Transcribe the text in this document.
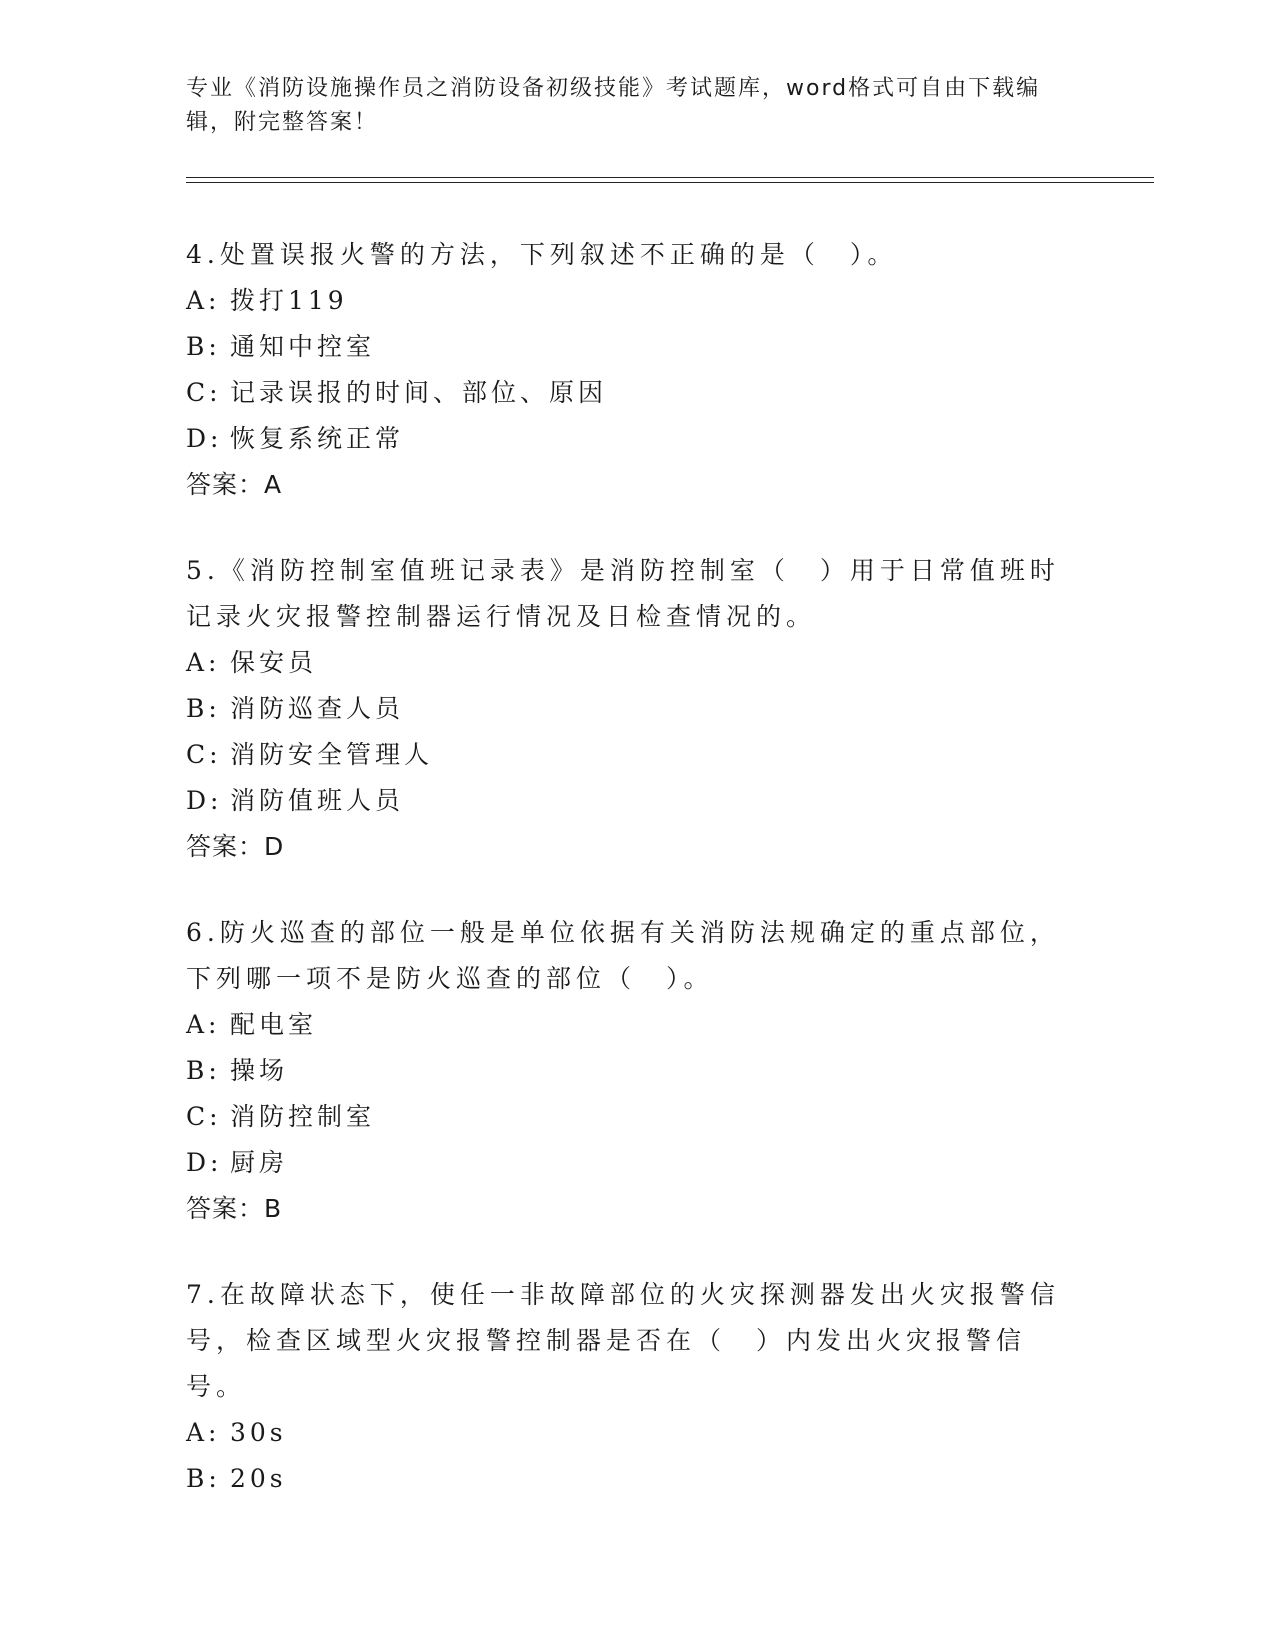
专业《消防设施操作员之消防设备初级技能》考试题库，word格式可自由下载编辑，附完整答案！

4.处置误报火警的方法，下列叙述不正确的是（　）。

A: 拨打119
B: 通知中控室
C: 记录误报的时间、部位、原因
D: 恢复系统正常
答案：A

5.《消防控制室值班记录表》是消防控制室（　）用于日常值班时记录火灾报警控制器运行情况及日检查情况的。

A: 保安员
B: 消防巡查人员
C: 消防安全管理人
D: 消防值班人员
答案：D

6.防火巡查的部位一般是单位依据有关消防法规确定的重点部位，下列哪一项不是防火巡查的部位（　）。

A: 配电室
B: 操场
C: 消防控制室
D: 厨房
答案：B

7.在故障状态下，使任一非故障部位的火灾探测器发出火灾报警信号，检查区域型火灾报警控制器是否在（　）内发出火灾报警信号。

A: 30s
B: 20s
